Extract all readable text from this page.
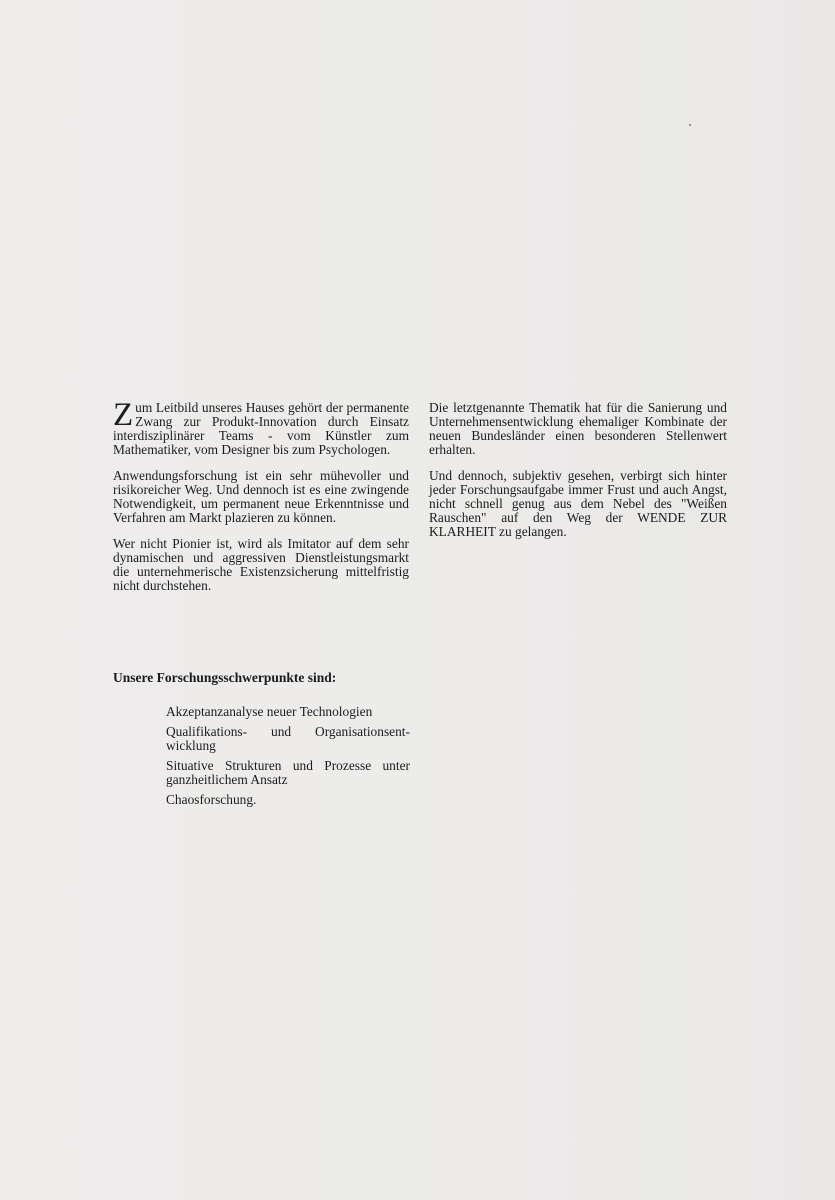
Zum Leitbild unseres Hauses gehört der permanente Zwang zur Produkt-Innovation durch Einsatz interdisziplinärer Teams - vom Künstler zum Mathematiker, vom Designer bis zum Psychologen.

Anwendungsforschung ist ein sehr mühevoller und risikoreicher Weg. Und dennoch ist es eine zwingende Notwendigkeit, um permanent neue Erkenntnisse und Verfahren am Markt plazieren zu können.

Wer nicht Pionier ist, wird als Imitator auf dem sehr dynamischen und aggressiven Dienstleistungsmarkt die unternehmerische Existenzsicherung mittelfristig nicht durchstehen.

Die letztgenannte Thematik hat für die Sanierung und Unternehmensentwicklung ehemaliger Kombinate der neuen Bundesländer einen besonderen Stellenwert erhalten.

Und dennoch, subjektiv gesehen, verbirgt sich hinter jeder Forschungsaufgabe immer Frust und auch Angst, nicht schnell genug aus dem Nebel des "Weißen Rauschen" auf den Weg der WENDE ZUR KLARHEIT zu gelangen.

Unsere Forschungsschwerpunkte sind:
Akzeptanzanalyse neuer Technologien
Qualifikations- und Organisationsentwicklung
Situative Strukturen und Prozesse unter ganzheitlichem Ansatz
Chaosforschung.
